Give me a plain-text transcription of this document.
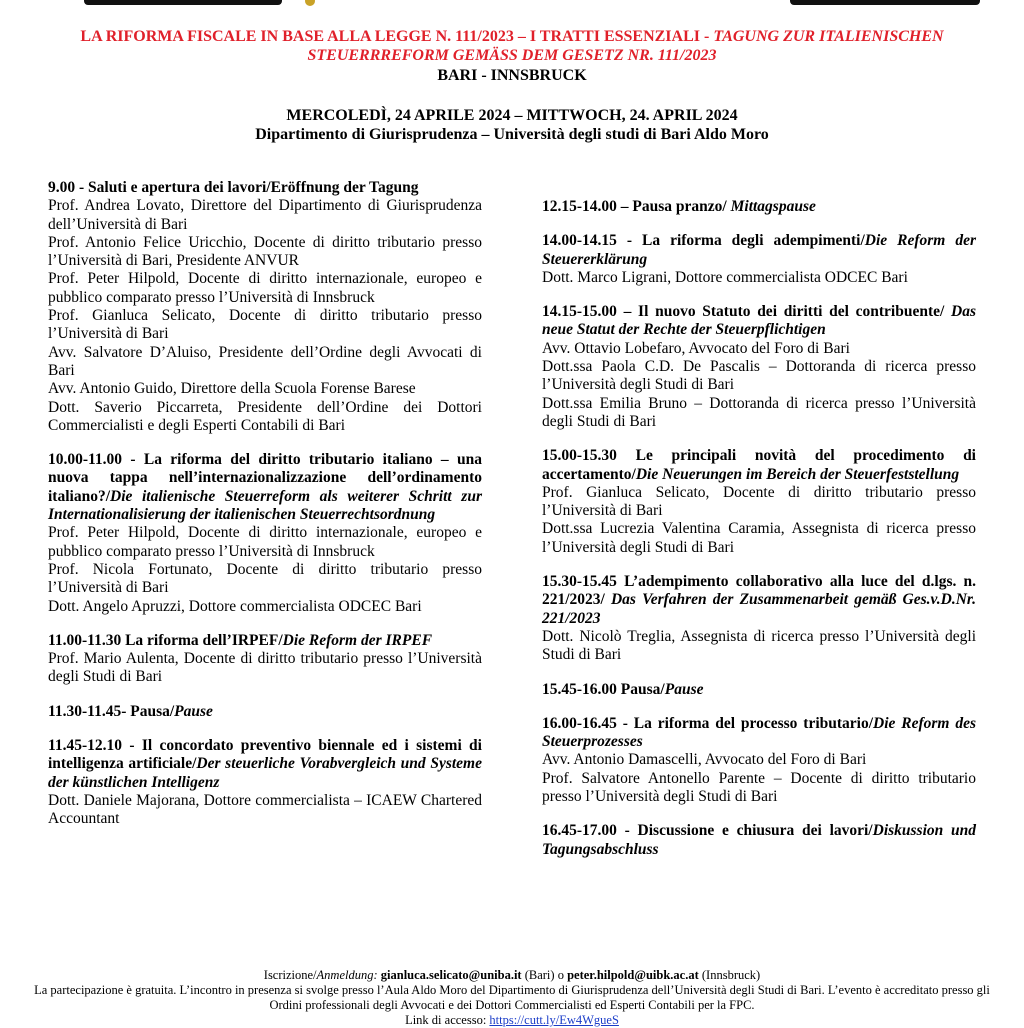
LA RIFORMA FISCALE IN BASE ALLA LEGGE N. 111/2023 – I TRATTI ESSENZIALI - TAGUNG ZUR ITALIENISCHEN STEUERRREFORM GEMÄSS DEM GESETZ NR. 111/2023
BARI - INNSBRUCK
MERCOLEDÌ, 24 APRILE 2024 – MITTWOCH, 24. APRIL 2024
Dipartimento di Giurisprudenza – Università degli studi di Bari Aldo Moro
9.00 - Saluti e apertura dei lavori/Eröffnung der Tagung
Prof. Andrea Lovato, Direttore del Dipartimento di Giurisprudenza dell’Università di Bari
Prof. Antonio Felice Uricchio, Docente di diritto tributario presso l’Università di Bari, Presidente ANVUR
Prof. Peter Hilpold, Docente di diritto internazionale, europeo e pubblico comparato presso l’Università di Innsbruck
Prof. Gianluca Selicato, Docente di diritto tributario presso l’Università di Bari
Avv. Salvatore D’Aluiso, Presidente dell’Ordine degli Avvocati di Bari
Avv. Antonio Guido, Direttore della Scuola Forense Barese
Dott. Saverio Piccarreta, Presidente dell’Ordine dei Dottori Commercialisti e degli Esperti Contabili di Bari
10.00-11.00 - La riforma del diritto tributario italiano – una nuova tappa nell’internazionalizzazione dell’ordinamento italiano?/Die italienische Steuerreform als weiterer Schritt zur Internationalisierung der italienischen Steuerrechtsordnung
Prof. Peter Hilpold, Docente di diritto internazionale, europeo e pubblico comparato presso l’Università di Innsbruck
Prof. Nicola Fortunato, Docente di diritto tributario presso l’Università di Bari
Dott. Angelo Apruzzi, Dottore commercialista ODCEC Bari
11.00-11.30 La riforma dell’IRPEF/Die Reform der IRPEF
Prof. Mario Aulenta, Docente di diritto tributario presso l’Università degli Studi di Bari
11.30-11.45- Pausa/Pause
11.45-12.10 - Il concordato preventivo biennale ed i sistemi di intelligenza artificiale/Der steuerliche Vorabvergleich und Systeme der künstlichen Intelligenz
Dott. Daniele Majorana, Dottore commercialista – ICAEW Chartered Accountant
12.15-14.00 – Pausa pranzo/ Mittagspause
14.00-14.15 - La riforma degli adempimenti/Die Reform der Steuererklärung
Dott. Marco Ligrani, Dottore commercialista ODCEC Bari
14.15-15.00 – Il nuovo Statuto dei diritti del contribuente/ Das neue Statut der Rechte der Steuerpflichtigen
Avv. Ottavio Lobefaro, Avvocato del Foro di Bari
Dott.ssa Paola C.D. De Pascalis – Dottoranda di ricerca presso l’Università degli Studi di Bari
Dott.ssa Emilia Bruno – Dottoranda di ricerca presso l’Università degli Studi di Bari
15.00-15.30 Le principali novità del procedimento di accertamento/Die Neuerungen im Bereich der Steuerfeststellung
Prof. Gianluca Selicato, Docente di diritto tributario presso l’Università di Bari
Dott.ssa Lucrezia Valentina Caramia, Assegnista di ricerca presso l’Università degli Studi di Bari
15.30-15.45 L’adempimento collaborativo alla luce del d.lgs. n. 221/2023/ Das Verfahren der Zusammenarbeit gemäß Ges.v.D.Nr. 221/2023
Dott. Nicolò Treglia, Assegnista di ricerca presso l’Università degli Studi di Bari
15.45-16.00 Pausa/Pause
16.00-16.45 - La riforma del processo tributario/Die Reform des Steuerprozesses
Avv. Antonio Damascelli, Avvocato del Foro di Bari
Prof. Salvatore Antonello Parente – Docente di diritto tributario presso l’Università degli Studi di Bari
16.45-17.00 - Discussione e chiusura dei lavori/Diskussion und Tagungsabschluss
Iscrizione/Anmeldung: gianluca.selicato@uniba.it (Bari) o peter.hilpold@uibk.ac.at (Innsbruck)
La partecipazione è gratuita. L’incontro in presenza si svolge presso l’Aula Aldo Moro del Dipartimento di Giurisprudenza dell’Università degli Studi di Bari. L’evento è accreditato presso gli Ordini professionali degli Avvocati e dei Dottori Commercialisti ed Esperti Contabili per la FPC.
Link di accesso: https://cutt.ly/Ew4WgueS
